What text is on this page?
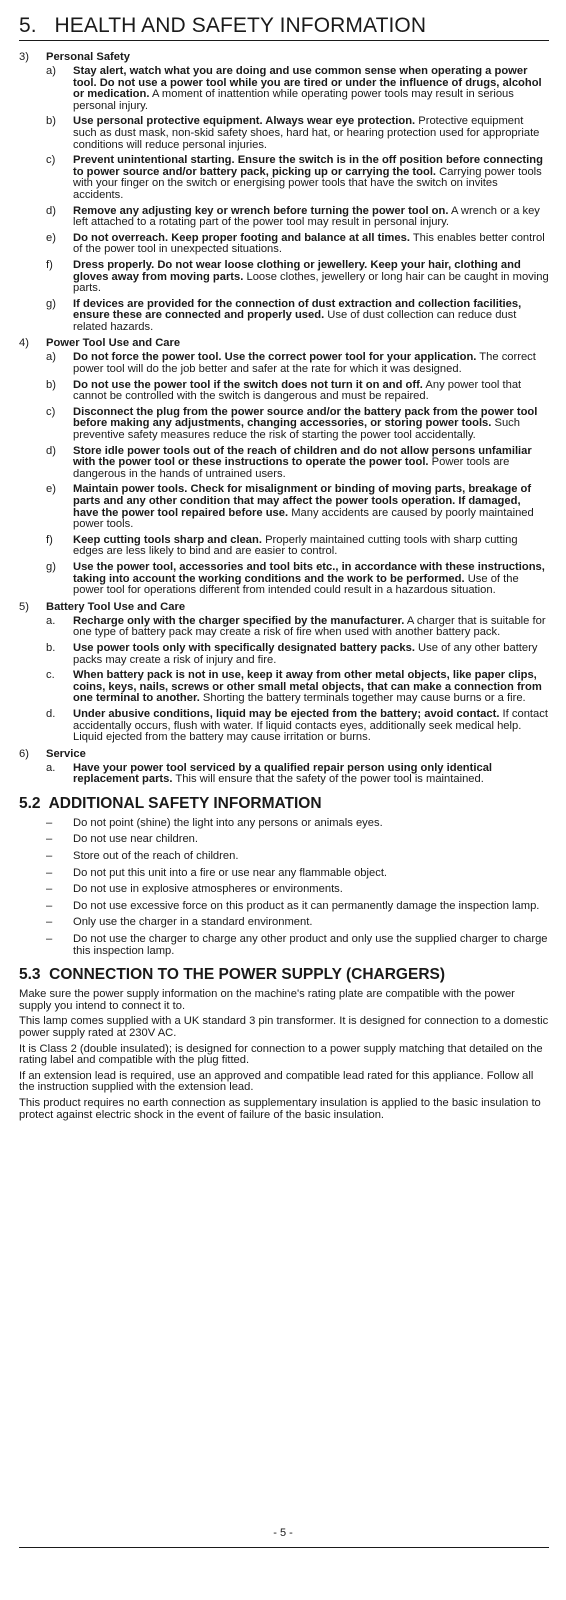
5.   HEALTH AND SAFETY INFORMATION
3)	Personal Safety
a)	Stay alert, watch what you are doing and use common sense when operating a power tool. Do not use a power tool while you are tired or under the influence of drugs, alcohol or medication. A moment of inattention while operating power tools may result in serious personal injury.
b)	Use personal protective equipment. Always wear eye protection. Protective equipment such as dust mask, non-skid safety shoes, hard hat, or hearing protection used for appropriate conditions will reduce personal injuries.
c)	Prevent unintentional starting. Ensure the switch is in the off position before connecting to power source and/or battery pack, picking up or carrying the tool. Carrying power tools with your finger on the switch or energising power tools that have the switch on invites accidents.
d)	Remove any adjusting key or wrench before turning the power tool on. A wrench or a key left attached to a rotating part of the power tool may result in personal injury.
e)	Do not overreach. Keep proper footing and balance at all times. This enables better control of the power tool in unexpected situations.
f)	Dress properly. Do not wear loose clothing or jewellery. Keep your hair, clothing and gloves away from moving parts. Loose clothes, jewellery or long hair can be caught in moving parts.
g)	If devices are provided for the connection of dust extraction and collection facilities, ensure these are connected and properly used. Use of dust collection can reduce dust related hazards.
4)	Power Tool Use and Care
a)	Do not force the power tool. Use the correct power tool for your application. The correct power tool will do the job better and safer at the rate for which it was designed.
b)	Do not use the power tool if the switch does not turn it on and off. Any power tool that cannot be controlled with the switch is dangerous and must be repaired.
c)	Disconnect the plug from the power source and/or the battery pack from the power tool before making any adjustments, changing accessories, or storing power tools. Such preventive safety measures reduce the risk of starting the power tool accidentally.
d)	Store idle power tools out of the reach of children and do not allow persons unfamiliar with the power tool or these instructions to operate the power tool. Power tools are dangerous in the hands of untrained users.
e)	Maintain power tools. Check for misalignment or binding of moving parts, breakage of parts and any other condition that may affect the power tools operation. If damaged, have the power tool repaired before use. Many accidents are caused by poorly maintained power tools.
f)	Keep cutting tools sharp and clean. Properly maintained cutting tools with sharp cutting edges are less likely to bind and are easier to control.
g)	Use the power tool, accessories and tool bits etc., in accordance with these instructions, taking into account the working conditions and the work to be performed. Use of the power tool for operations different from intended could result in a hazardous situation.
5)	Battery Tool Use and Care
a.	Recharge only with the charger specified by the manufacturer. A charger that is suitable for one type of battery pack may create a risk of fire when used with another battery pack.
b.	Use power tools only with specifically designated battery packs. Use of any other battery packs may create a risk of injury and fire.
c.	When battery pack is not in use, keep it away from other metal objects, like paper clips, coins, keys, nails, screws or other small metal objects, that can make a connection from one terminal to another. Shorting the battery terminals together may cause burns or a fire.
d.	Under abusive conditions, liquid may be ejected from the battery; avoid contact. If contact accidentally occurs, flush with water. If liquid contacts eyes, additionally seek medical help. Liquid ejected from the battery may cause irritation or burns.
6)	Service
a.	Have your power tool serviced by a qualified repair person using only identical replacement parts. This will ensure that the safety of the power tool is maintained.
5.2  ADDITIONAL SAFETY INFORMATION
–	Do not point (shine) the light into any persons or animals eyes.
–	Do not use near children.
–	Store out of the reach of children.
–	Do not put this unit into a fire or use near any flammable object.
–	Do not use in explosive atmospheres or environments.
–	Do not use excessive force on this product as it can permanently damage the inspection lamp.
–	Only use the charger in a standard environment.
–	Do not use the charger to charge any other product and only use the supplied charger to charge this inspection lamp.
5.3  CONNECTION TO THE POWER SUPPLY (CHARGERS)

Make sure the power supply information on the machine's rating plate are compatible with the power supply you intend to connect it to.

This lamp comes supplied with a UK standard 3 pin transformer. It is designed for connection to a domestic power supply rated at 230V AC.

It is Class 2 (double insulated); is designed for connection to a power supply matching that detailed on the rating label and compatible with the plug fitted.

If an extension lead is required, use an approved and compatible lead rated for this appliance. Follow all the instruction supplied with the extension lead.

This product requires no earth connection as supplementary insulation is applied to the basic insulation to protect against electric shock in the event of failure of the basic insulation.

- 5 -
